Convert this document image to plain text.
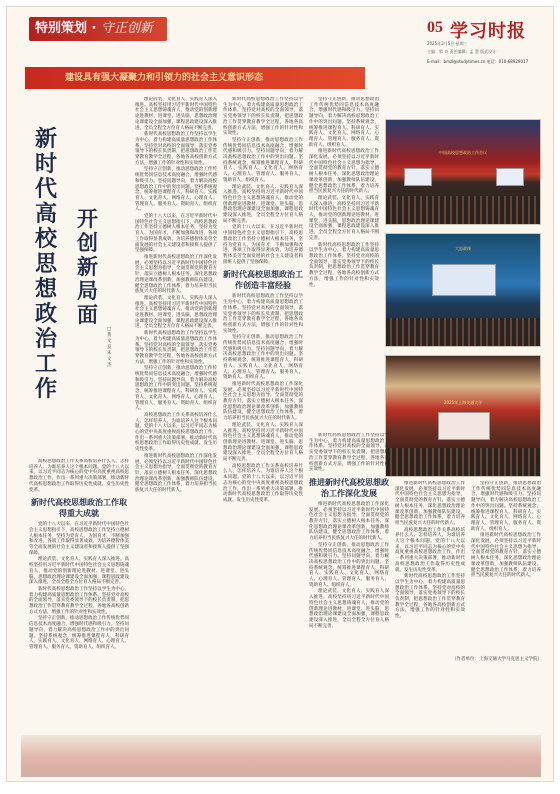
特别策划 · 守正创新	05 学习时报
2025年3月5日 星期三
主编：郭 奇 责任编辑：孟 慧 版式设计：
E-mail：bmzl@studytimes.cn 电话：010-68929017
建设具有强大凝聚力和引领力的社会主义意识形态
新时代高校思想政治工作
开创新局面
□ 黄文良 朱文杰

高校思想政治工作关系高校培养什么人、怎样培养人、为谁培养人这个根本问题。党的十八大以来，以习近平同志为核心的党中央高度重视高校思想政治工作，作出一系列重大决策部署，推动新时代高校思想政治工作取得历史性成就、发生历史性变革。

新时代高校思想政治工作取得重大成就

党的十八大以来，在习近平新时代中国特色社会主义思想指引下，高校思想政治工作坚持立德树人根本任务，坚持为党育人、为国育才，不断加强和改进，各项工作取得显著成效，为培养德智体美劳全面发展的社会主义建设者和接班人提供了坚强保障。

理论武装、文化育人、实践育人深入推进。高校坚持用习近平新时代中国特色社会主义思想铸魂育人，推动党的创新理论进教材、进课堂、进头脑，思想政治理论课建设全面加强，课程思政建设深入推进，全员全程全方位育人格局不断完善。

新时代高校思想政治工作坚持以学生为中心，着力构建高质量思想政治工作体系。坚持党对高校的全面领导，落实党委领导下的校长负责制，把思想政治工作贯穿教育教学全过程，各地各高校创新方式方法，增强工作的针对性和实效性。

坚持守正创新，推动思想政治工作传统优势同信息技术高度融合，增强时代感和吸引力。坚持问题导向，着力解决高校思想政治工作中的突出问题。坚持系统观念，统筹推进课程育人、科研育人、实践育人、文化育人、网络育人、心理育人、管理育人、服务育人、资助育人、组织育人。

理论武装、文化育人、实践育人深入推进。高校坚持用习近平新时代中国特色社会主义思想铸魂育人，推动党的创新理论进教材、进课堂、进头脑，思想政治理论课建设全面加强，课程思政建设深入推进，全员全程全方位育人格局不断完善。

新时代高校思想政治工作坚持以学生为中心，着力构建高质量思想政治工作体系。坚持党对高校的全面领导，落实党委领导下的校长负责制，把思想政治工作贯穿教育教学全过程，各地各高校创新方式方法，增强工作的针对性和实效性。

坚持守正创新，推动思想政治工作传统优势同信息技术高度融合，增强时代感和吸引力。坚持问题导向，着力解决高校思想政治工作中的突出问题。坚持系统观念，统筹推进课程育人、科研育人、实践育人、文化育人、网络育人、心理育人、管理育人、服务育人、资助育人、组织育人。

党的十八大以来，在习近平新时代中国特色社会主义思想指引下，高校思想政治工作坚持立德树人根本任务，坚持为党育人、为国育才，不断加强和改进，各项工作取得显著成效，为培养德智体美劳全面发展的社会主义建设者和接班人提供了坚强保障。

推进新时代高校思想政治工作深化发展，必须坚持以习近平新时代中国特色社会主义思想为指导，全面贯彻党的教育方针，落实立德树人根本任务，深化思想政治理论课改革创新，加强教师队伍建设，健全思想政治工作体系，着力培养担当民族复兴大任的时代新人。

理论武装、文化育人、实践育人深入推进。高校坚持用习近平新时代中国特色社会主义思想铸魂育人，推动党的创新理论进教材、进课堂、进头脑，思想政治理论课建设全面加强，课程思政建设深入推进，全员全程全方位育人格局不断完善。

新时代高校思想政治工作坚持以学生为中心，着力构建高质量思想政治工作体系。坚持党对高校的全面领导，落实党委领导下的校长负责制，把思想政治工作贯穿教育教学全过程，各地各高校创新方式方法，增强工作的针对性和实效性。

坚持守正创新，推动思想政治工作传统优势同信息技术高度融合，增强时代感和吸引力。坚持问题导向，着力解决高校思想政治工作中的突出问题。坚持系统观念，统筹推进课程育人、科研育人、实践育人、文化育人、网络育人、心理育人、管理育人、服务育人、资助育人、组织育人。

高校思想政治工作关系高校培养什么人、怎样培养人、为谁培养人这个根本问题。党的十八大以来，以习近平同志为核心的党中央高度重视高校思想政治工作，作出一系列重大决策部署，推动新时代高校思想政治工作取得历史性成就、发生历史性变革。

推进新时代高校思想政治工作深化发展，必须坚持以习近平新时代中国特色社会主义思想为指导，全面贯彻党的教育方针，落实立德树人根本任务，深化思想政治理论课改革创新，加强教师队伍建设，健全思想政治工作体系，着力培养担当民族复兴大任的时代新人。

新时代高校思想政治工作坚持以学生为中心，着力构建高质量思想政治工作体系。坚持党对高校的全面领导，落实党委领导下的校长负责制，把思想政治工作贯穿教育教学全过程，各地各高校创新方式方法，增强工作的针对性和实效性。

坚持守正创新，推动思想政治工作传统优势同信息技术高度融合，增强时代感和吸引力。坚持问题导向，着力解决高校思想政治工作中的突出问题。坚持系统观念，统筹推进课程育人、科研育人、实践育人、文化育人、网络育人、心理育人、管理育人、服务育人、资助育人、组织育人。

理论武装、文化育人、实践育人深入推进。高校坚持用习近平新时代中国特色社会主义思想铸魂育人，推动党的创新理论进教材、进课堂、进头脑，思想政治理论课建设全面加强，课程思政建设深入推进，全员全程全方位育人格局不断完善。

党的十八大以来，在习近平新时代中国特色社会主义思想指引下，高校思想政治工作坚持立德树人根本任务，坚持为党育人、为国育才，不断加强和改进，各项工作取得显著成效，为培养德智体美劳全面发展的社会主义建设者和接班人提供了坚强保障。

新时代高校思想政治工作创造丰富经验

新时代高校思想政治工作坚持以学生为中心，着力构建高质量思想政治工作体系。坚持党对高校的全面领导，落实党委领导下的校长负责制，把思想政治工作贯穿教育教学全过程，各地各高校创新方式方法，增强工作的针对性和实效性。

坚持守正创新，推动思想政治工作传统优势同信息技术高度融合，增强时代感和吸引力。坚持问题导向，着力解决高校思想政治工作中的突出问题。坚持系统观念，统筹推进课程育人、科研育人、实践育人、文化育人、网络育人、心理育人、管理育人、服务育人、资助育人、组织育人。

推进新时代高校思想政治工作深化发展，必须坚持以习近平新时代中国特色社会主义思想为指导，全面贯彻党的教育方针，落实立德树人根本任务，深化思想政治理论课改革创新，加强教师队伍建设，健全思想政治工作体系，着力培养担当民族复兴大任的时代新人。

理论武装、文化育人、实践育人深入推进。高校坚持用习近平新时代中国特色社会主义思想铸魂育人，推动党的创新理论进教材、进课堂、进头脑，思想政治理论课建设全面加强，课程思政建设深入推进，全员全程全方位育人格局不断完善。

高校思想政治工作关系高校培养什么人、怎样培养人、为谁培养人这个根本问题。党的十八大以来，以习近平同志为核心的党中央高度重视高校思想政治工作，作出一系列重大决策部署，推动新时代高校思想政治工作取得历史性成就、发生历史性变革。

坚持守正创新，推动思想政治工作传统优势同信息技术高度融合，增强时代感和吸引力。坚持问题导向，着力解决高校思想政治工作中的突出问题。坚持系统观念，统筹推进课程育人、科研育人、实践育人、文化育人、网络育人、心理育人、管理育人、服务育人、资助育人、组织育人。

推进新时代高校思想政治工作深化发展，必须坚持以习近平新时代中国特色社会主义思想为指导，全面贯彻党的教育方针，落实立德树人根本任务，深化思想政治理论课改革创新，加强教师队伍建设，健全思想政治工作体系，着力培养担当民族复兴大任的时代新人。

理论武装、文化育人、实践育人深入推进。高校坚持用习近平新时代中国特色社会主义思想铸魂育人，推动党的创新理论进教材、进课堂、进头脑，思想政治理论课建设全面加强，课程思政建设深入推进，全员全程全方位育人格局不断完善。

新时代高校思想政治工作坚持以学生为中心，着力构建高质量思想政治工作体系。坚持党对高校的全面领导，落实党委领导下的校长负责制，把思想政治工作贯穿教育教学全过程，各地各高校创新方式方法，增强工作的针对性和实效性。

中国高校思想政治工作会议
大思政课
2025年上海交通大学

新时代高校思想政治工作坚持以学生为中心，着力构建高质量思想政治工作体系。坚持党对高校的全面领导，落实党委领导下的校长负责制，把思想政治工作贯穿教育教学全过程，各地各高校创新方式方法，增强工作的针对性和实效性。

推进新时代高校思想政治工作深化发展

推进新时代高校思想政治工作深化发展，必须坚持以习近平新时代中国特色社会主义思想为指导，全面贯彻党的教育方针，落实立德树人根本任务，深化思想政治理论课改革创新，加强教师队伍建设，健全思想政治工作体系，着力培养担当民族复兴大任的时代新人。

坚持守正创新，推动思想政治工作传统优势同信息技术高度融合，增强时代感和吸引力。坚持问题导向，着力解决高校思想政治工作中的突出问题。坚持系统观念，统筹推进课程育人、科研育人、实践育人、文化育人、网络育人、心理育人、管理育人、服务育人、资助育人、组织育人。

理论武装、文化育人、实践育人深入推进。高校坚持用习近平新时代中国特色社会主义思想铸魂育人，推动党的创新理论进教材、进课堂、进头脑，思想政治理论课建设全面加强，课程思政建设深入推进，全员全程全方位育人格局不断完善。

推进新时代高校思想政治工作深化发展，必须坚持以习近平新时代中国特色社会主义思想为指导，全面贯彻党的教育方针，落实立德树人根本任务，深化思想政治理论课改革创新，加强教师队伍建设，健全思想政治工作体系，着力培养担当民族复兴大任的时代新人。

高校思想政治工作关系高校培养什么人、怎样培养人、为谁培养人这个根本问题。党的十八大以来，以习近平同志为核心的党中央高度重视高校思想政治工作，作出一系列重大决策部署，推动新时代高校思想政治工作取得历史性成就、发生历史性变革。

新时代高校思想政治工作坚持以学生为中心，着力构建高质量思想政治工作体系。坚持党对高校的全面领导，落实党委领导下的校长负责制，把思想政治工作贯穿教育教学全过程，各地各高校创新方式方法，增强工作的针对性和实效性。

坚持守正创新，推动思想政治工作传统优势同信息技术高度融合，增强时代感和吸引力。坚持问题导向，着力解决高校思想政治工作中的突出问题。坚持系统观念，统筹推进课程育人、科研育人、实践育人、文化育人、网络育人、心理育人、管理育人、服务育人、资助育人、组织育人。

推进新时代高校思想政治工作深化发展，必须坚持以习近平新时代中国特色社会主义思想为指导，全面贯彻党的教育方针，落实立德树人根本任务，深化思想政治理论课改革创新，加强教师队伍建设，健全思想政治工作体系，着力培养担当民族复兴大任的时代新人。

（作者单位：上海交通大学马克思主义学院）
